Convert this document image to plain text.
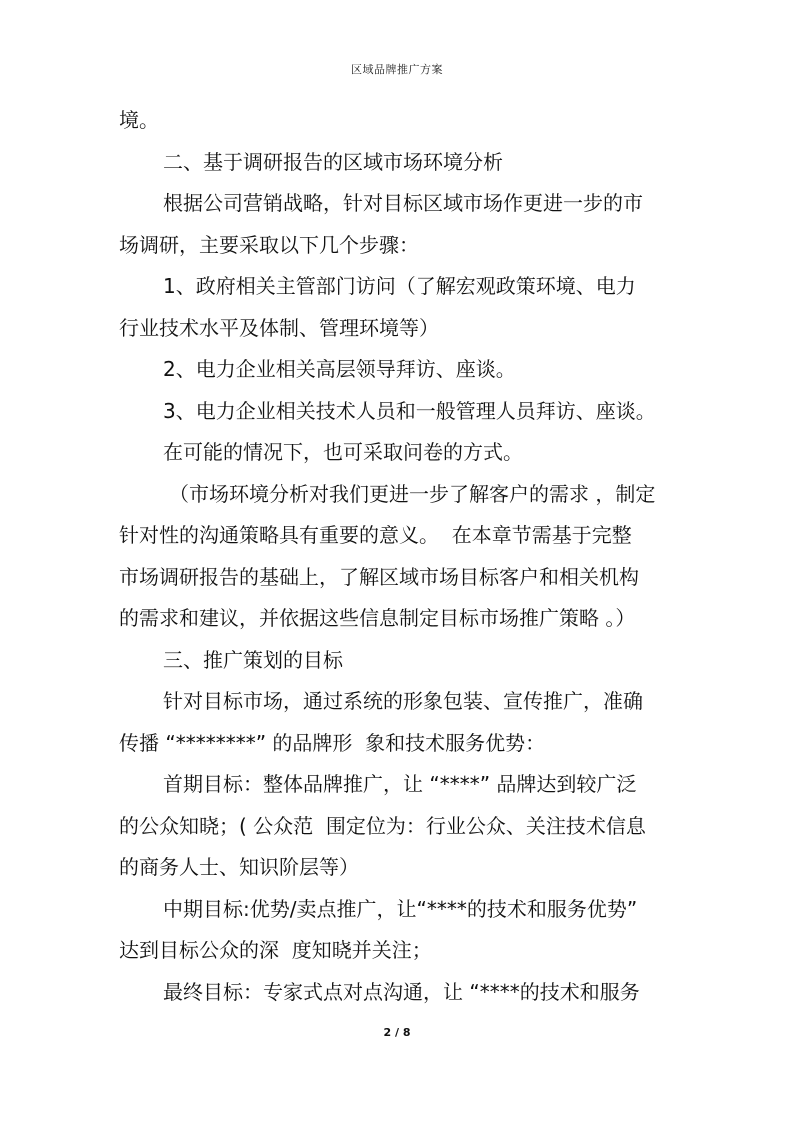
区域品牌推广方案
境。
二、基于调研报告的区域市场环境分析
根据公司营销战略，针对目标区域市场作更进一步的市
场调研，主要采取以下几个步骤：
1、政府相关主管部门访问（了解宏观政策环境、电力
行业技术水平及体制、管理环境等）
2、电力企业相关高层领导拜访、座谈。
3、电力企业相关技术人员和一般管理人员拜访、座谈。
在可能的情况下，也可采取问卷的方式。
（市场环境分析对我们更进一步了解客户的需求 ，制定
针对性的沟通策略具有重要的意义。  在本章节需基于完整
市场调研报告的基础上，了解区域市场目标客户和相关机构
的需求和建议，并依据这些信息制定目标市场推广策略 。）
三、推广策划的目标
针对目标市场，通过系统的形象包装、宣传推广，准确
传播 “********” 的品牌形  象和技术服务优势：
首期目标：整体品牌推广，让 “****” 品牌达到较广泛
的公众知晓；( 公众范  围定位为：行业公众、关注技术信息
的商务人士、知识阶层等）
中期目标:优势/卖点推广，让“****的技术和服务优势”
达到目标公众的深  度知晓并关注；
最终目标：专家式点对点沟通，让 “****的技术和服务
2 / 8
